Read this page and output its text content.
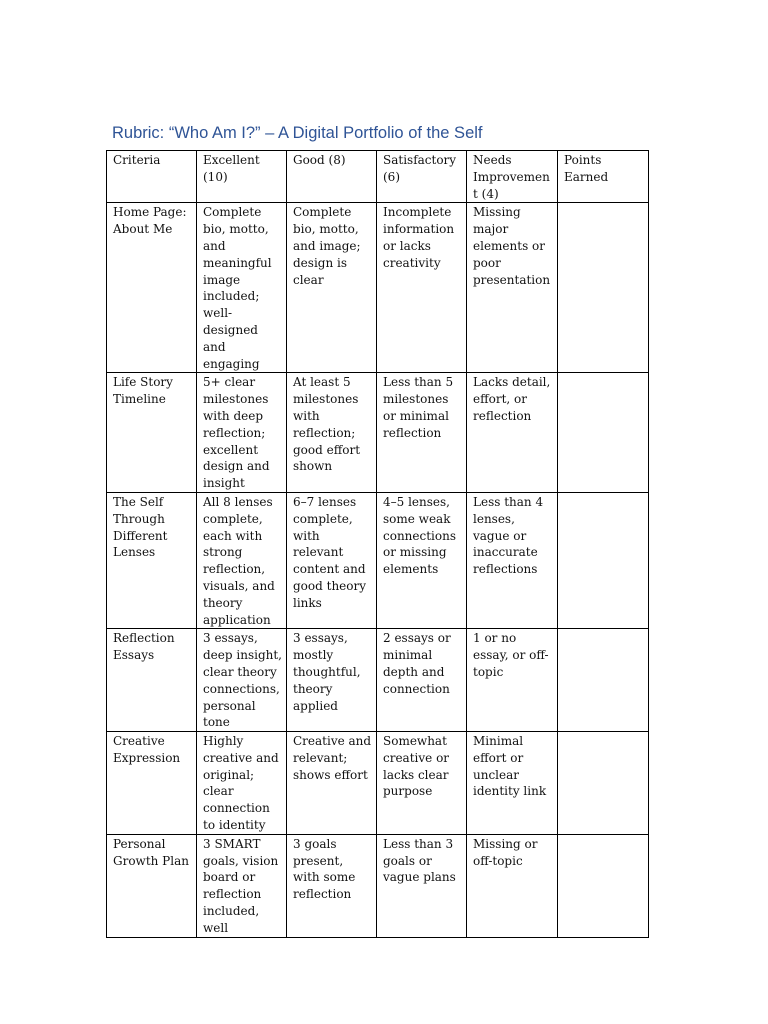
Rubric: “Who Am I?” – A Digital Portfolio of the Self
Criteria	Excellent (10)	Good (8)	Satisfactory (6)	Needs Improvement (4)	Points Earned
Home Page: About Me	Complete bio, motto, and meaningful image included; well-designed and engaging	Complete bio, motto, and image; design is clear	Incomplete information or lacks creativity	Missing major elements or poor presentation	
Life Story Timeline	5+ clear milestones with deep reflection; excellent design and insight	At least 5 milestones with reflection; good effort shown	Less than 5 milestones or minimal reflection	Lacks detail, effort, or reflection	
The Self Through Different Lenses	All 8 lenses complete, each with strong reflection, visuals, and theory application	6–7 lenses complete, with relevant content and good theory links	4–5 lenses, some weak connections or missing elements	Less than 4 lenses, vague or inaccurate reflections	
Reflection Essays	3 essays, deep insight, clear theory connections, personal tone	3 essays, mostly thoughtful, theory applied	2 essays or minimal depth and connection	1 or no essay, or off-topic	
Creative Expression	Highly creative and original; clear connection to identity	Creative and relevant; shows effort	Somewhat creative or lacks clear purpose	Minimal effort or unclear identity link	
Personal Growth Plan	3 SMART goals, vision board or reflection included, well	3 goals present, with some reflection	Less than 3 goals or vague plans	Missing or off-topic	
